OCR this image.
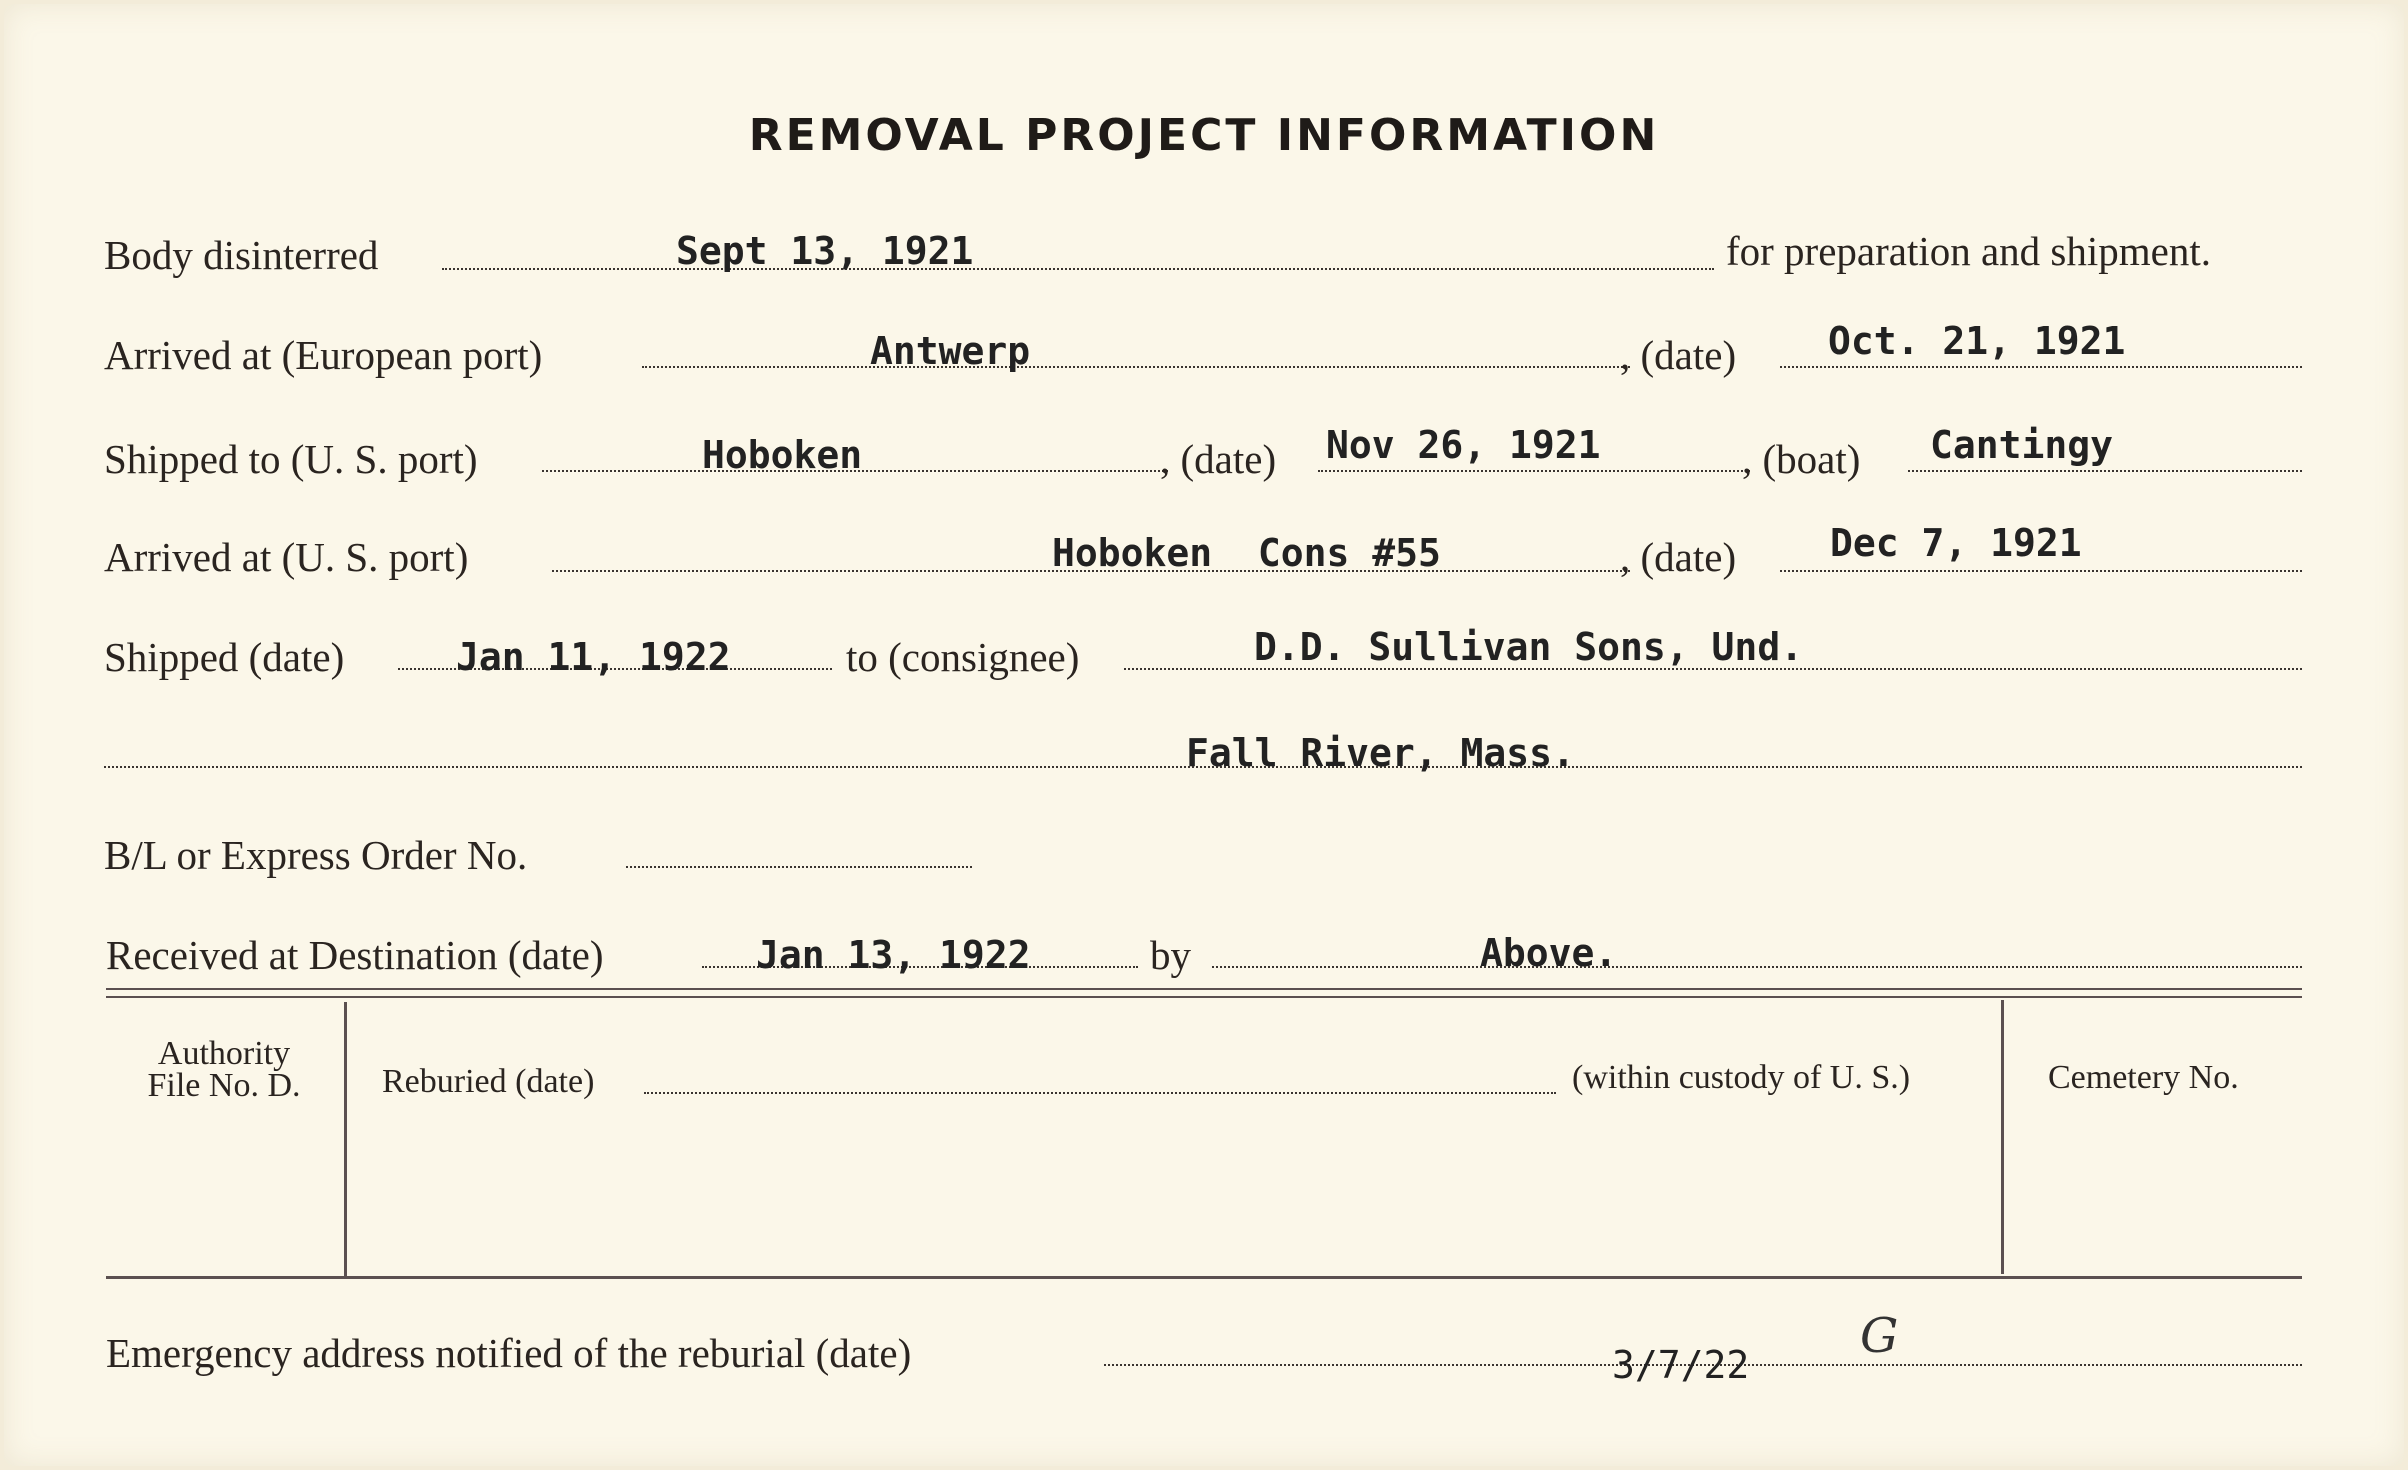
REMOVAL PROJECT INFORMATION
Body disinterred	Sept 13, 1921	for preparation and shipment.
Arrived at (European port)	Antwerp	, (date) Oct. 21, 1921
Shipped to (U. S. port)	Hoboken	, (date) Nov 26, 1921	, (boat) Cantingy
Arrived at (U. S. port)	Hoboken  Cons #55	, (date) Dec 7, 1921
Shipped (date)	Jan 11, 1922	to (consignee)	D.D. Sullivan Sons, Und.
Fall River, Mass.
B/L or Express Order No.
Received at Destination (date)	Jan 13, 1922	by	Above.
Authority
File No. D.	Reburied (date)	(within custody of U. S.)	Cemetery No.
Emergency address notified of the reburial (date)	3/7/22
G
